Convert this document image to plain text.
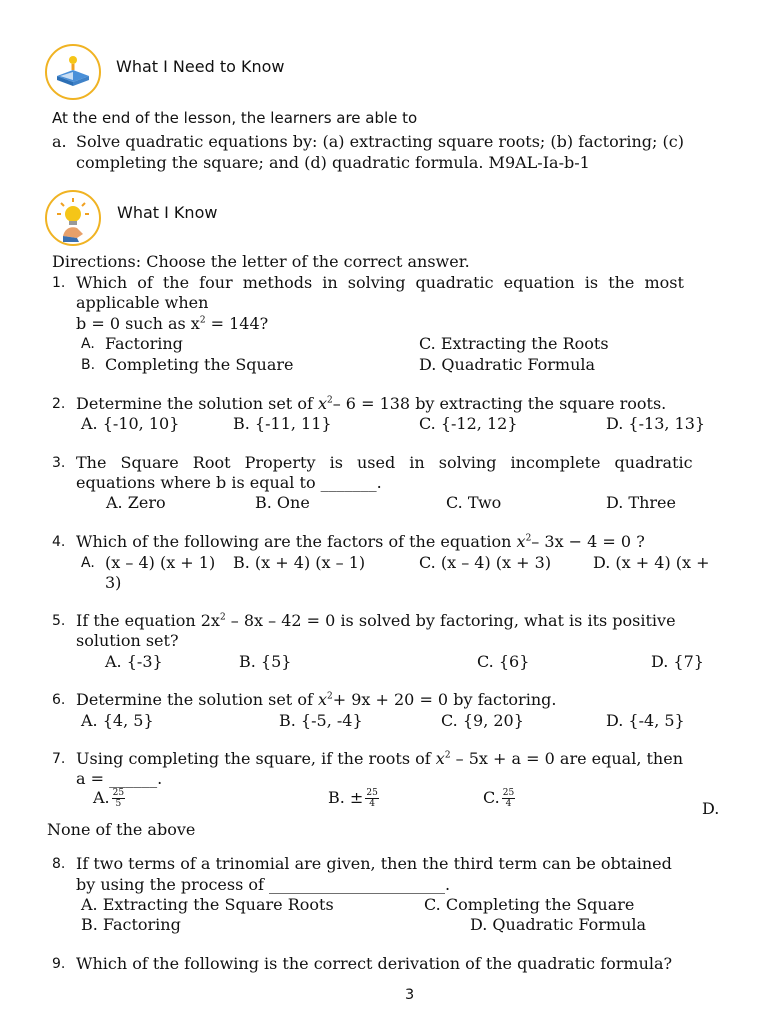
What I Need to Know
At the end of the lesson, the learners are able to
a. Solve quadratic equations by: (a) extracting square roots; (b) factoring; (c)
completing the square; and (d) quadratic formula. M9AL-Ia-b-1
What I Know
Directions: Choose the letter of the correct answer.
1. Which of the four methods in solving quadratic equation is the most
applicable when
b = 0 such as $x^2 = 144$?
A. Factoring
B. Completing the Square
C. Extracting the Roots
D. Quadratic Formula
2. Determine the solution set of $x^2-$ 6 = 138 by extracting the square roots.
A. {-10, 10}	B. {-11, 11}	C. {-12, 12}	D. {-13, 13}
3. The Square Root Property is used in solving incomplete quadratic
equations where b is equal to _______.
A. Zero	B. One	C. Two	D. Three
4. Which of the following are the factors of the equation $x^2-$ 3x − 4 = 0 ?
A. (x – 4) (x + 1) B. (x + 4) (x – 1)	C. (x – 4) (x + 3)	D. (x + 4) (x +
3)
5. If the equation $2x^2 - 8x - 42 = 0$ is solved by factoring, what is its positive
solution set?
A. {-3}	B. {5}	C. {6}	D. {7}
6. Determine the solution set of $x^2+ 9x + 20 = 0$ by factoring.
A. {4, 5}	B. {-5, -4}	C. {9, 20}	D. {-4, 5}
7. Using completing the square, if the roots of $x^2 - 5x + a = 0$ are equal, then
a = ______.
A. $\frac{25}{5}$	B. ± $\frac{25}{4}$	C. $\frac{25}{4}$	D.
None of the above
8. If two terms of a trinomial are given, then the third term can be obtained
by using the process of ______________________.
A. Extracting the Square Roots
B. Factoring
C. Completing the Square
D. Quadratic Formula
9. Which of the following is the correct derivation of the quadratic formula?
3
